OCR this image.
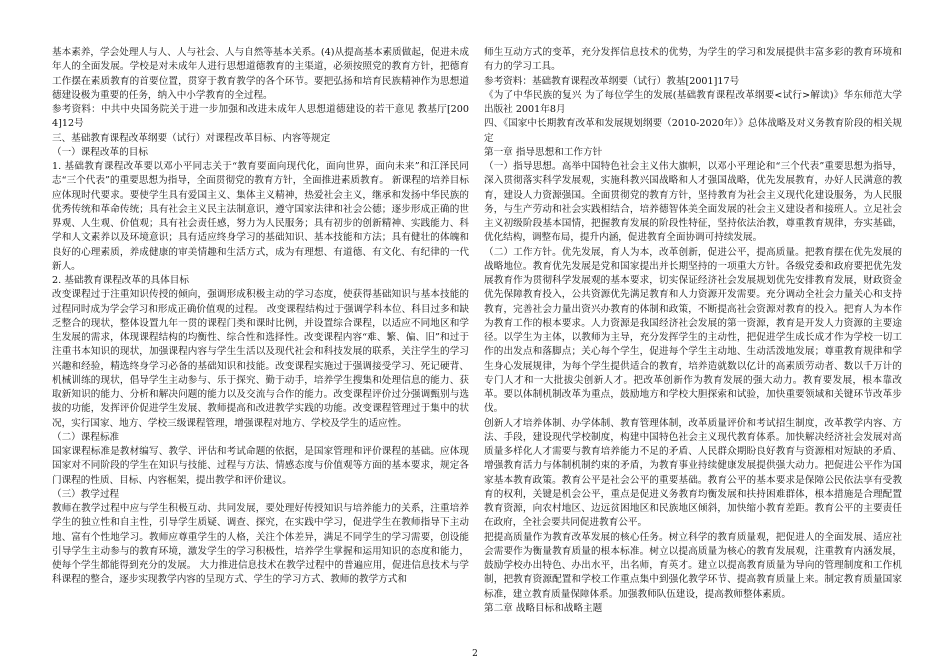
基本素养，学会处理人与人、人与社会、人与自然等基本关系。(4)从提高基本素质做起，促进未成年人的全面发展。学校是对未成年人进行思想道德教育的主渠道，必须按照党的教育方针，把德育工作摆在素质教育的首要位置，贯穿于教育教学的各个环节。要把弘扬和培育民族精神作为思想道德建设极为重要的任务，纳入中小学教育的全过程。

参考资料：中共中央国务院关于进一步加强和改进未成年人思想道德建设的若干意见 教基厅[2004]12号

三、基础教育课程改革纲要（试行）对课程改革目标、内容等规定

（一）课程改革的目标

1. 基础教育课程改革要以邓小平同志关于“教育要面向现代化，面向世界，面向未来”和江泽民同志“三个代表”的重要思想为指导，全面贯彻党的教育方针，全面推进素质教育。 新课程的培养目标应体现时代要求。要使学生具有爱国主义、集体主义精神，热爱社会主义，继承和发扬中华民族的优秀传统和革命传统；具有社会主义民主法制意识，遵守国家法律和社会公德；逐步形成正确的世界观、人生观、价值观；具有社会责任感，努力为人民服务；具有初步的创新精神、实践能力、科学和人文素养以及环境意识；具有适应终身学习的基础知识、基本技能和方法；具有健壮的体魄和良好的心理素质，养成健康的审美情趣和生活方式，成为有理想、有道德、有文化、有纪律的一代新人。

2. 基础教育课程改革的具体目标

改变课程过于注重知识传授的倾向，强调形成积极主动的学习态度，使获得基础知识与基本技能的过程同时成为学会学习和形成正确价值观的过程。 改变课程结构过于强调学科本位、科目过多和缺乏整合的现状，整体设置九年一贯的课程门类和课时比例，并设置综合课程，以适应不同地区和学生发展的需求，体现课程结构的均衡性、综合性和选择性。改变课程内容“难、繁、偏、旧”和过于注重书本知识的现状，加强课程内容与学生生活以及现代社会和科技发展的联系，关注学生的学习兴趣和经验，精选终身学习必备的基础知识和技能。改变课程实施过于强调接受学习、死记硬背、机械训练的现状，倡导学生主动参与、乐于探究、勤于动手，培养学生搜集和处理信息的能力、获取新知识的能力、分析和解决问题的能力以及交流与合作的能力。改变课程评价过分强调甄别与选拔的功能，发挥评价促进学生发展、教师提高和改进教学实践的功能。改变课程管理过于集中的状况，实行国家、地方、学校三级课程管理，增强课程对地方、学校及学生的适应性。

（二）课程标准

国家课程标准是教材编写、教学、评估和考试命题的依据，是国家管理和评价课程的基础。应体现国家对不同阶段的学生在知识与技能、过程与方法、情感态度与价值观等方面的基本要求，规定各门课程的性质、目标、内容框架，提出教学和评价建议。

（三）教学过程

教师在教学过程中应与学生积极互动、共同发展，要处理好传授知识与培养能力的关系，注重培养学生的独立性和自主性，引导学生质疑、调查、探究，在实践中学习，促进学生在教师指导下主动地、富有个性地学习。教师应尊重学生的人格，关注个体差异，满足不同学生的学习需要，创设能引导学生主动参与的教育环境，激发学生的学习积极性，培养学生掌握和运用知识的态度和能力，使每个学生都能得到充分的发展。 大力推进信息技术在教学过程中的普遍应用，促进信息技术与学科课程的整合，逐步实现教学内容的呈现方式、学生的学习方式、教师的教学方式和

师生互动方式的变革，充分发挥信息技术的优势，为学生的学习和发展提供丰富多彩的教育环境和有力的学习工具。

参考资料：基础教育课程改革纲要（试行）教基[2001]17号

《为了中华民族的复兴 为了每位学生的发展(基础教育课程改革纲要<试行>解读)》华东师范大学出版社 2001年8月

四、《国家中长期教育改革和发展规划纲要（2010-2020年）》总体战略及对义务教育阶段的相关规定

第一章 指导思想和工作方针

（一）指导思想。高举中国特色社会主义伟大旗帜，以邓小平理论和“三个代表”重要思想为指导，深入贯彻落实科学发展观，实施科教兴国战略和人才强国战略，优先发展教育，办好人民满意的教育，建设人力资源强国。全面贯彻党的教育方针，坚持教育为社会主义现代化建设服务，为人民服务，与生产劳动和社会实践相结合，培养德智体美全面发展的社会主义建设者和接班人。立足社会主义初级阶段基本国情，把握教育发展的阶段性特征，坚持依法治教，尊重教育规律，夯实基础，优化结构，调整布局，提升内涵，促进教育全面协调可持续发展。

（二）工作方针。优先发展，育人为本，改革创新，促进公平，提高质量。把教育摆在优先发展的战略地位。教育优先发展是党和国家提出并长期坚持的一项重大方针。各级党委和政府要把优先发展教育作为贯彻科学发展观的基本要求，切实保证经济社会发展规划优先安排教育发展，财政资金优先保障教育投入，公共资源优先满足教育和人力资源开发需要。充分调动全社会力量关心和支持教育，完善社会力量出资兴办教育的体制和政策，不断提高社会资源对教育的投入。把育人为本作为教育工作的根本要求。人力资源是我国经济社会发展的第一资源，教育是开发人力资源的主要途径。以学生为主体，以教师为主导，充分发挥学生的主动性，把促进学生成长成才作为学校一切工作的出发点和落脚点；关心每个学生，促进每个学生主动地、生动活泼地发展；尊重教育规律和学生身心发展规律，为每个学生提供适合的教育，培养造就数以亿计的高素质劳动者、数以千万计的专门人才和一大批拔尖创新人才。把改革创新作为教育发展的强大动力。教育要发展，根本靠改革。要以体制机制改革为重点，鼓励地方和学校大胆探索和试验，加快重要领域和关键环节改革步伐。

创新人才培养体制、办学体制、教育管理体制，改革质量评价和考试招生制度，改革教学内容、方法、手段，建设现代学校制度，构建中国特色社会主义现代教育体系。加快解决经济社会发展对高质量多样化人才需要与教育培养能力不足的矛盾、人民群众期盼良好教育与资源相对短缺的矛盾、增强教育活力与体制机制约束的矛盾，为教育事业持续健康发展提供强大动力。把促进公平作为国家基本教育政策。教育公平是社会公平的重要基础。教育公平的基本要求是保障公民依法享有受教育的权利，关键是机会公平，重点是促进义务教育均衡发展和扶持困难群体，根本措施是合理配置教育资源，向农村地区、边远贫困地区和民族地区倾斜，加快缩小教育差距。教育公平的主要责任在政府，全社会要共同促进教育公平。

把提高质量作为教育改革发展的核心任务。树立科学的教育质量观，把促进人的全面发展、适应社会需要作为衡量教育质量的根本标准。树立以提高质量为核心的教育发展观，注重教育内涵发展，鼓励学校办出特色、办出水平，出名师，育英才。建立以提高教育质量为导向的管理制度和工作机制，把教育资源配置和学校工作重点集中到强化教学环节、提高教育质量上来。制定教育质量国家标准，建立教育质量保障体系。加强教师队伍建设，提高教师整体素质。

第二章 战略目标和战略主题

2
